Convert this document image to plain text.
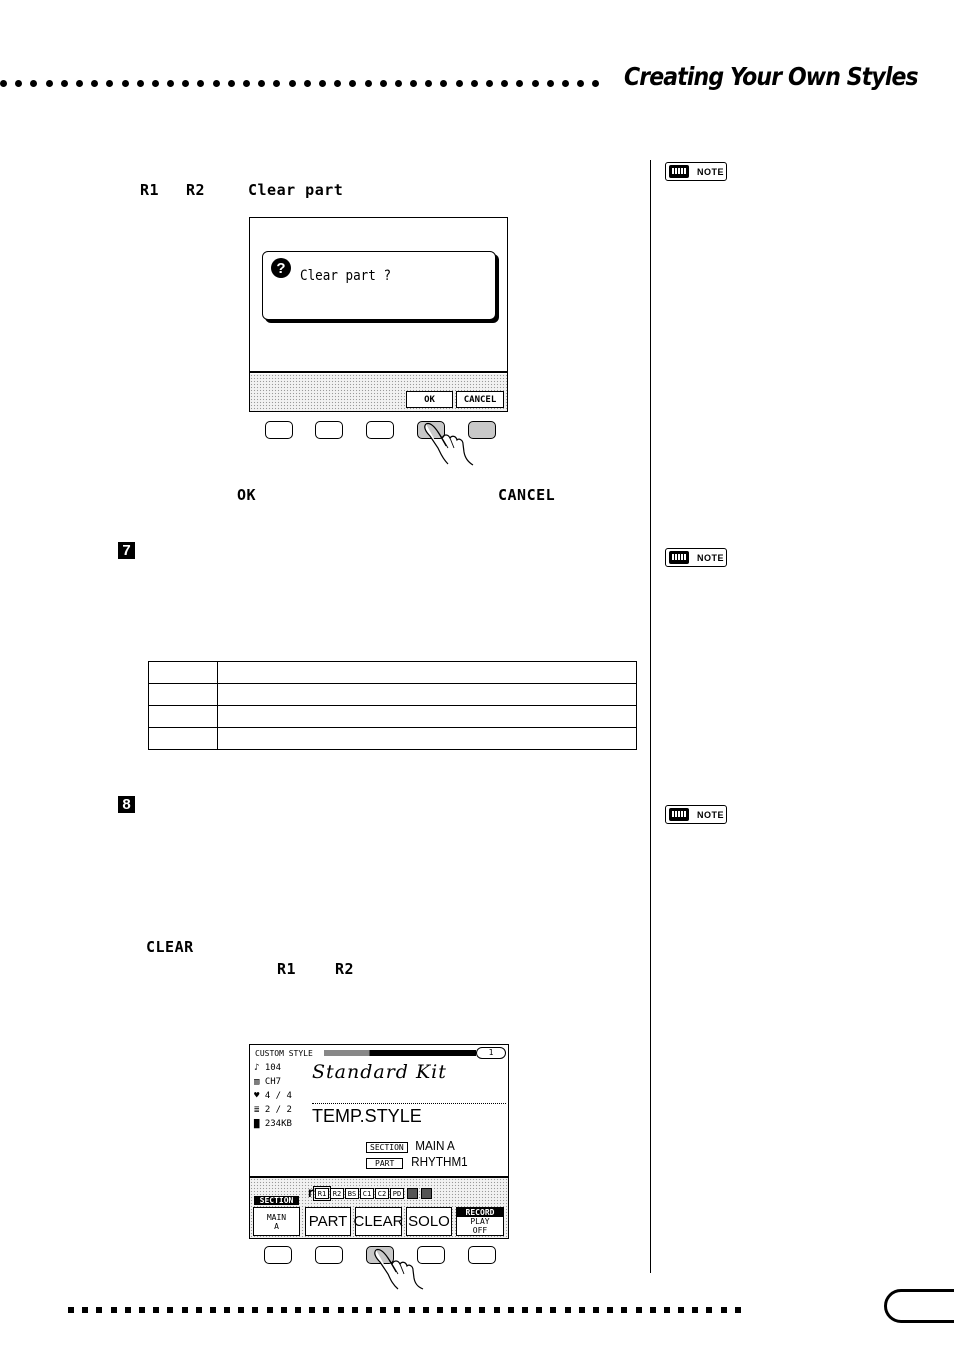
Creating Your Own Styles
NOTE
NOTE
NOTE
R1 R2	Clear part
?	Clear part ?
OK	CANCEL
OK	CANCEL
7

8
CLEAR
R1	R2
CUSTOM STYLE	1
♪ 104
▥ CH7
♥ 4 / 4
≣ 2 / 2
▇ 234KB
Standard Kit
TEMP.STYLE
SECTION MAIN A
PART RHYTHM1
r R1 R2 BS C1 C2 PD
SECTION
MAIN
A PART CLEAR SOLO
RECORD
PLAY
OFF
